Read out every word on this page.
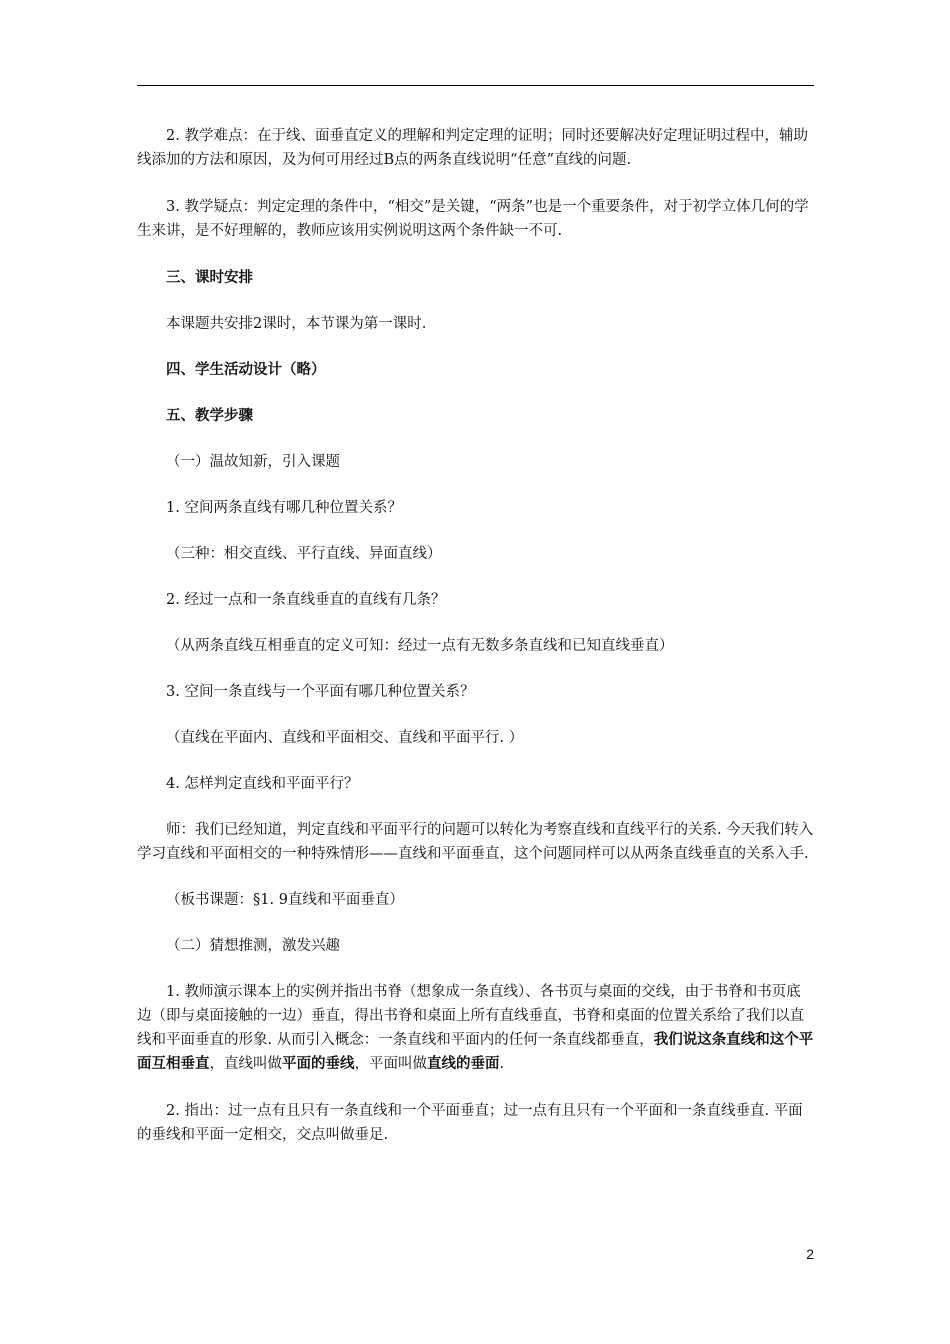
2. 教学难点：在于线、面垂直定义的理解和判定定理的证明；同时还要解决好定理证明过程中，辅助线添加的方法和原因，及为何可用经过B点的两条直线说明“任意”直线的问题.

3. 教学疑点：判定定理的条件中，“相交”是关键，“两条”也是一个重要条件，对于初学立体几何的学生来讲，是不好理解的，教师应该用实例说明这两个条件缺一不可.

三、课时安排

本课题共安排2课时，本节课为第一课时.

四、学生活动设计（略）

五、教学步骤

（一）温故知新，引入课题

1. 空间两条直线有哪几种位置关系？

（三种：相交直线、平行直线、异面直线）

2. 经过一点和一条直线垂直的直线有几条？

（从两条直线互相垂直的定义可知：经过一点有无数多条直线和已知直线垂直）

3. 空间一条直线与一个平面有哪几种位置关系？

（直线在平面内、直线和平面相交、直线和平面平行. ）

4. 怎样判定直线和平面平行？

师：我们已经知道，判定直线和平面平行的问题可以转化为考察直线和直线平行的关系. 今天我们转入学习直线和平面相交的一种特殊情形——直线和平面垂直，这个问题同样可以从两条直线垂直的关系入手.

（板书课题：§1. 9直线和平面垂直）

（二）猜想推测，激发兴趣

1. 教师演示课本上的实例并指出书脊（想象成一条直线）、各书页与桌面的交线，由于书脊和书页底边（即与桌面接触的一边）垂直，得出书脊和桌面上所有直线垂直，书脊和桌面的位置关系给了我们以直线和平面垂直的形象. 从而引入概念：一条直线和平面内的任何一条直线都垂直，我们说这条直线和这个平面互相垂直，直线叫做平面的垂线，平面叫做直线的垂面.

2. 指出：过一点有且只有一条直线和一个平面垂直；过一点有且只有一个平面和一条直线垂直. 平面的垂线和平面一定相交，交点叫做垂足.

2
